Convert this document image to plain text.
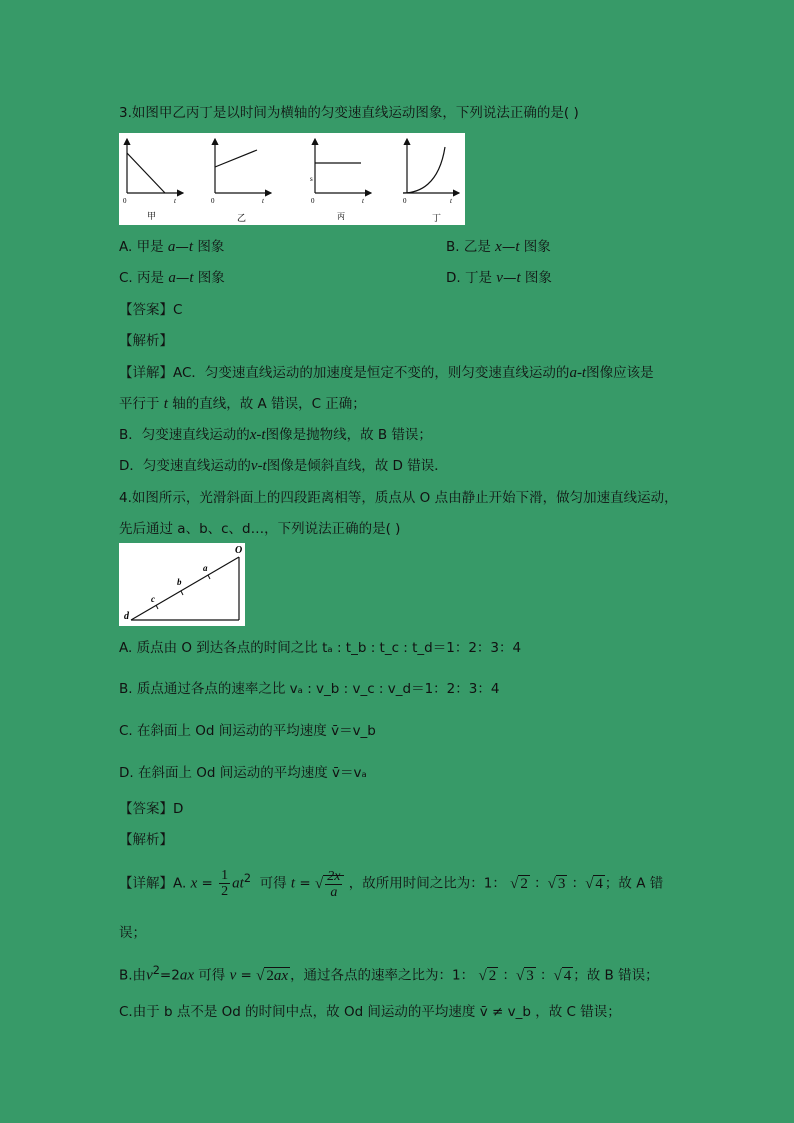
3.如图甲乙丙丁是以时间为横轴的匀变速直线运动图象，下列说法正确的是( )
0	t
甲
0	t
乙
s
0	t
丙
0	t
丁
A. 甲是 a—t 图象	B. 乙是 x—t 图象
C. 丙是 a—t 图象	D. 丁是 v—t 图象
【答案】C
【解析】
【详解】AC．匀变速直线运动的加速度是恒定不变的，则匀变速直线运动的a-t图像应该是
平行于 t 轴的直线，故 A 错误，C 正确；
B．匀变速直线运动的x-t图像是抛物线，故 B 错误；
D．匀变速直线运动的v-t图像是倾斜直线，故 D 错误．
4.如图所示，光滑斜面上的四段距离相等，质点从 O 点由静止开始下滑，做匀加速直线运动，
先后通过 a、b、c、d…，下列说法正确的是( )
O
a
b
c
d
A. 质点由 O 到达各点的时间之比 tₐ : t_b : t_c : t_d＝1：2：3：4
B. 质点通过各点的速率之比 vₐ : v_b : v_c : v_d＝1：2：3：4
C. 在斜面上 Od 间运动的平均速度 v̄＝v_b
D. 在斜面上 Od 间运动的平均速度 v̄＝vₐ
【答案】D
【解析】
【详解】A. $x = \frac{1}{2} at^2$ 可得 t = √ $\frac{2x}{a}$ ，故所用时间之比为：1： √ 2 ：√ 3 ：√ 4 ；故 A 错
误；
B.由$v^2=2ax$ 可得 v = √ 2ax ，通过各点的速率之比为：1： √ 2 ：√ 3 ：√ 4 ；故 B 错误；
C.由于 b 点不是 Od 的时间中点，故 Od 间运动的平均速度 v̄ ≠ v_b ，故 C 错误；
